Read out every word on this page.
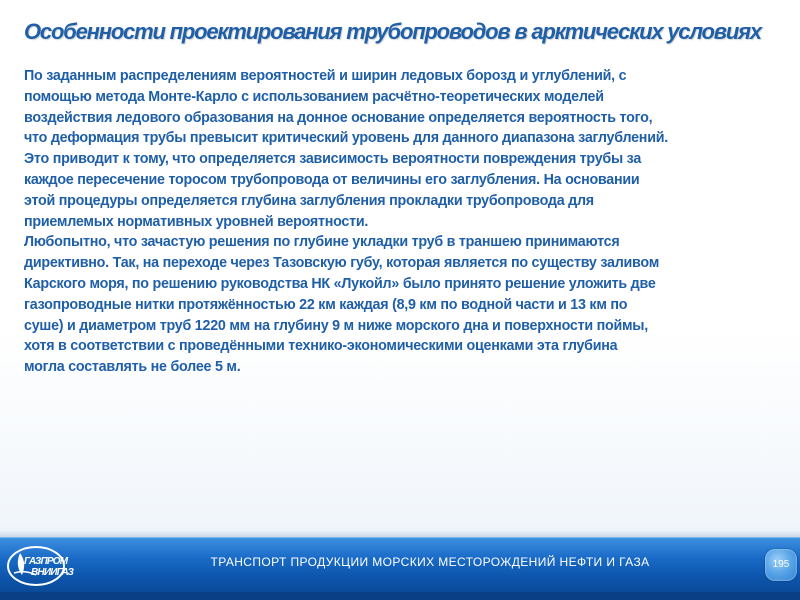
Особенности проектирования трубопроводов в арктических условиях

По заданным распределениям вероятностей и ширин ледовых борозд и углублений, с
помощью метода Монте-Карло с использованием расчётно-теоретических моделей
воздействия ледового образования на донное основание определяется вероятность того,
что деформация трубы превысит критический уровень для данного диапазона заглублений.
Это приводит к тому, что определяется зависимость вероятности повреждения трубы за
каждое пересечение торосом трубопровода от величины его заглубления. На основании
этой процедуры определяется глубина заглубления прокладки трубопровода для
приемлемых нормативных уровней вероятности.

Любопытно, что зачастую решения по глубине укладки труб в траншею принимаются
директивно. Так, на переходе через Тазовскую губу, которая является по существу заливом
Карского моря, по решению руководства НК «Лукойл» было принято решение уложить две
газопроводные нитки протяжённостью 22 км каждая (8,9 км по водной части и 13 км по
суше) и диаметром труб 1220 мм на глубину 9 м ниже морского дна и поверхности поймы,
хотя в соответствии с проведёнными технико-экономическими оценками эта глубина
могла составлять не более 5 м.

ГАЗПРОМ
ВНИИГАЗ
ТРАНСПОРТ ПРОДУКЦИИ МОРСКИХ МЕСТОРОЖДЕНИЙ НЕФТИ И ГАЗА	195
